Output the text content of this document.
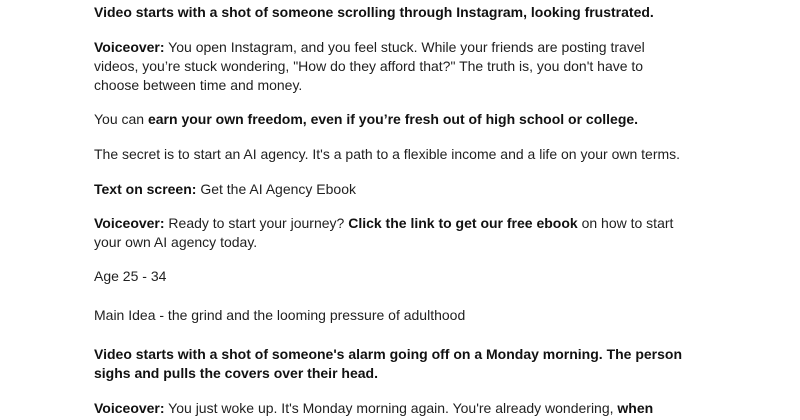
Video starts with a shot of someone scrolling through Instagram, looking frustrated.

Voiceover: You open Instagram, and you feel stuck. While your friends are posting travel
videos, you’re stuck wondering, "How do they afford that?" The truth is, you don't have to
choose between time and money.

You can earn your own freedom, even if you’re fresh out of high school or college.

The secret is to start an AI agency. It's a path to a flexible income and a life on your own terms.

Text on screen: Get the AI Agency Ebook

Voiceover: Ready to start your journey? Click the link to get our free ebook on how to start
your own AI agency today.

Age 25 - 34

Main Idea - the grind and the looming pressure of adulthood

Video starts with a shot of someone's alarm going off on a Monday morning. The person
sighs and pulls the covers over their head.

Voiceover: You just woke up. It's Monday morning again. You're already wondering, when
